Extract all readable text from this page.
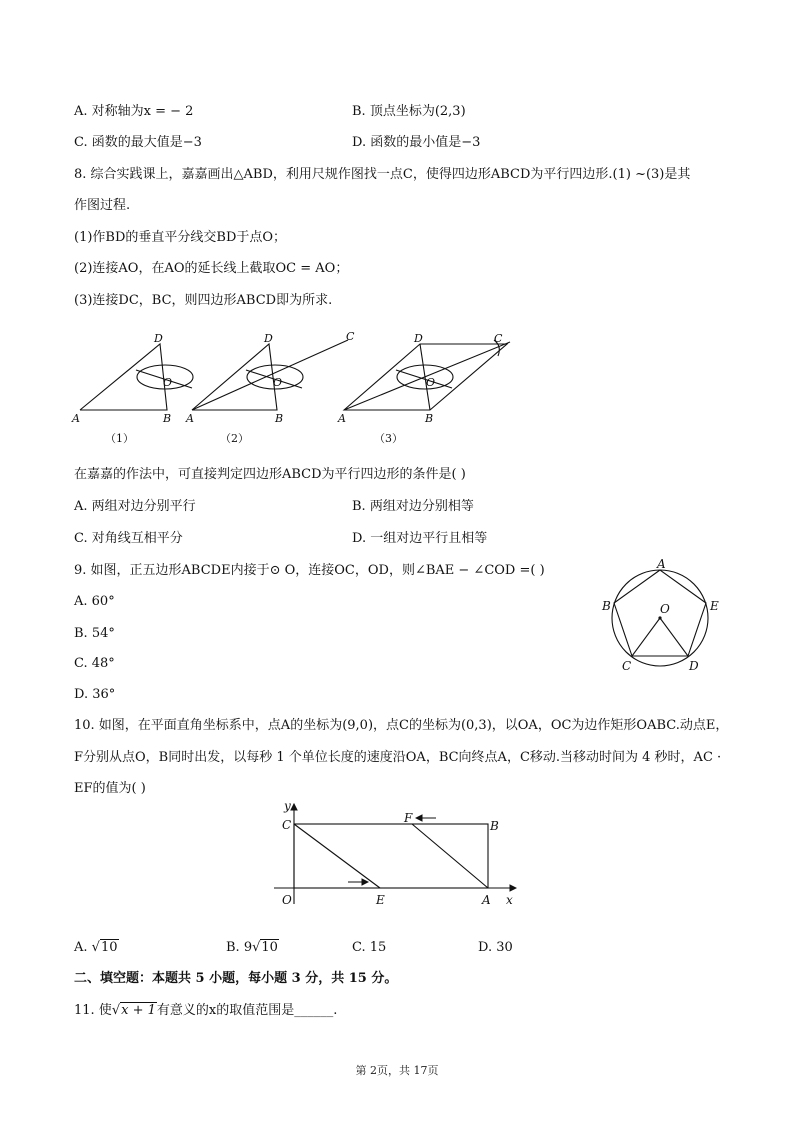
A. 对称轴为x = − 2	B. 顶点坐标为(2,3)
C. 函数的最大值是−3	D. 函数的最小值是−3
8. 综合实践课上，嘉嘉画出△ABD，利用尺规作图找一点C，使得四边形ABCD为平行四边形.(1) ~(3)是其
作图过程.
(1)作BD的垂直平分线交BD于点O；
(2)连接AO，在AO的延长线上截取OC = AO；
(3)连接DC，BC，则四边形ABCD即为所求.
D
A	B
O
D
A	B
O
C	D
A	B
O
C
（1）	（2）	（3）
在嘉嘉的作法中，可直接判定四边形ABCD为平行四边形的条件是( )
A. 两组对边分别平行	B. 两组对边分别相等
C. 对角线互相平分	D. 一组对边平行且相等
9. 如图，正五边形ABCDE内接于⊙ O，连接OC，OD，则∠BAE − ∠COD =( )
A. 60°
B. 54°
C. 48°
D. 36°
A
B	O	E
C	D
10. 如图，在平面直角坐标系中，点A的坐标为(9,0)，点C的坐标为(0,3)，以OA，OC为边作矩形OABC.动点E，
F分别从点O，B同时出发，以每秒 1 个单位长度的速度沿OA，BC向终点A，C移动.当移动时间为 4 秒时，AC ·
EF的值为( )
y
C	F
B
O	E	A x
A. √10	B. 9√10	C. 15	D. 30
二、填空题：本题共 5 小题，每小题 3 分，共 15 分。
11. 使√x + 1有意义的x的取值范围是______.
第 2页，共 17页
